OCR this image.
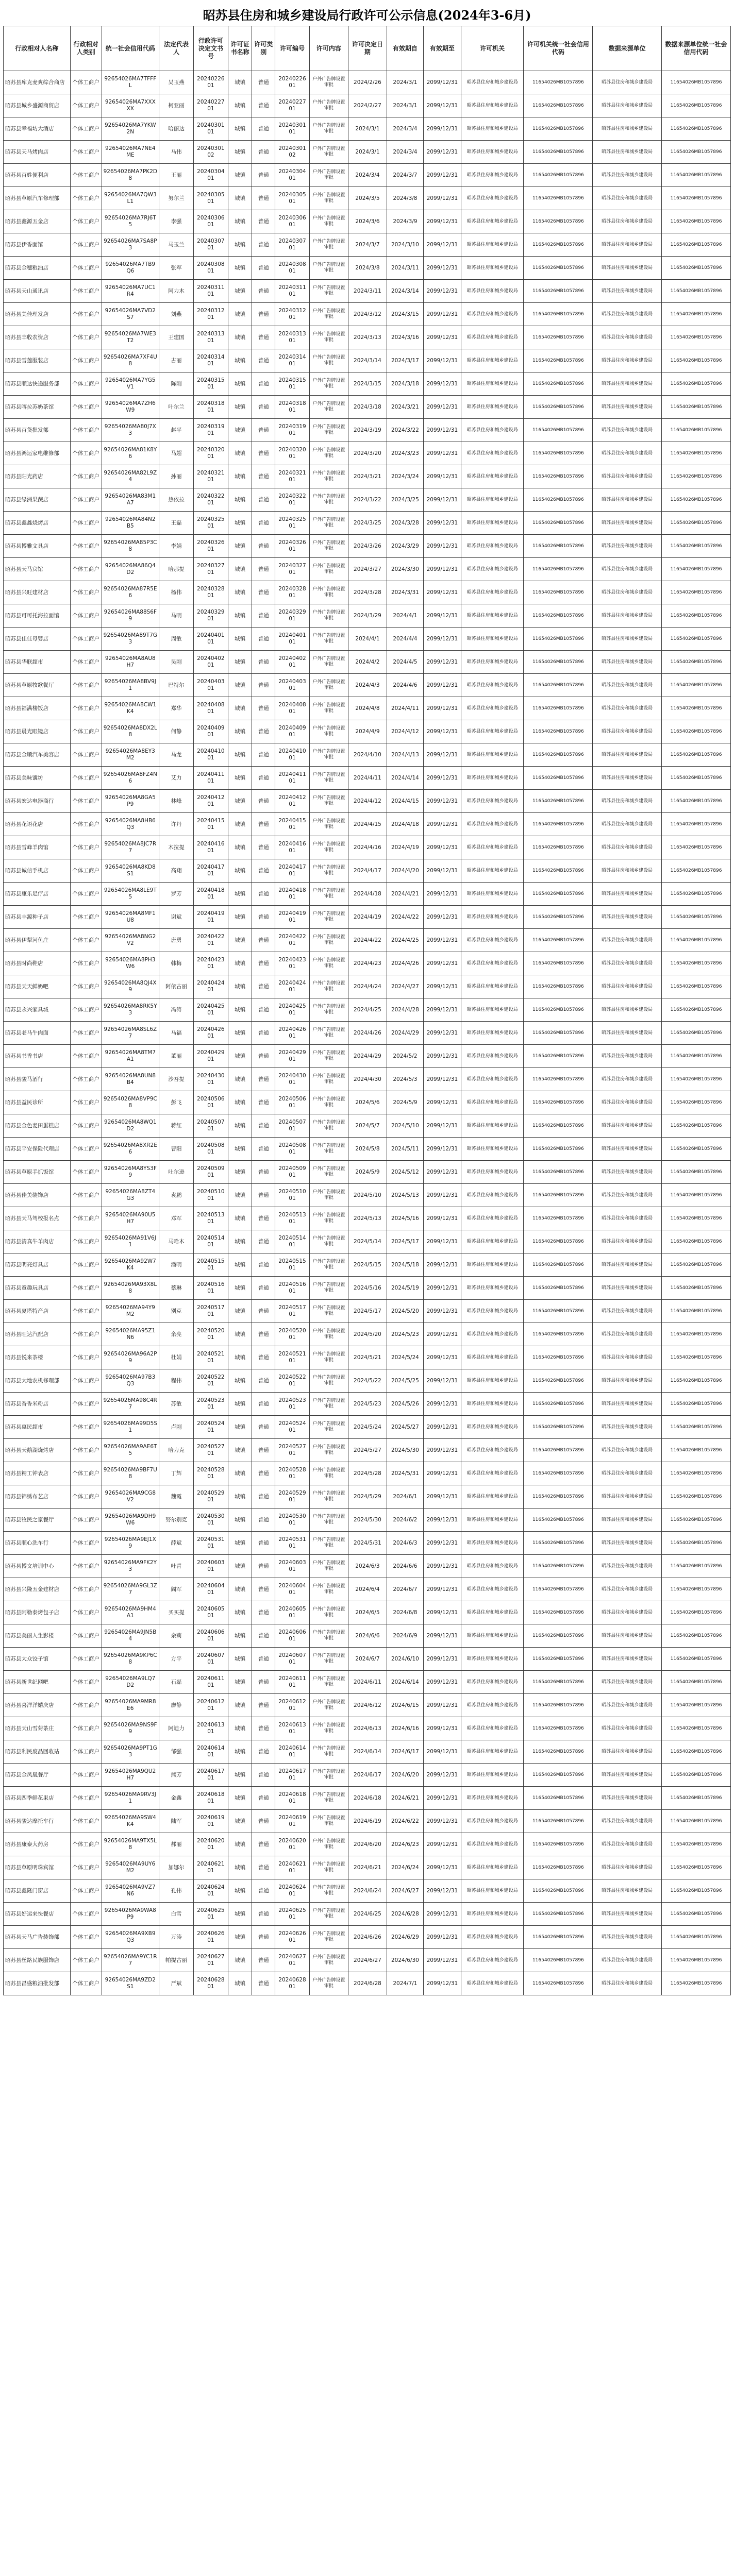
昭苏县住房和城乡建设局行政许可公示信息(2024年3-6月)
行政相对人名称	行政相对人类别	统一社会信用代码	法定代表人	行政许可决定文书号	许可证书名称	许可类别	许可编号	许可内容	许可决定日期	有效期自	有效期至	许可机关	许可机关统一社会信用代码	数据来源单位	数据来源单位统一社会信用代码
昭苏县库克麦爽综合商店	个体工商户	92654026MA7TFFFL	吴玉燕	2024022601	城镇	普通	2024022601	户外广告牌设置审批	2024/2/26	2024/3/1	2099/12/31	昭苏县住房和城乡建设局	11654026MB1057896	昭苏县住房和城乡建设局	11654026MB1057896
昭苏县城乡盛源商贸店	个体工商户	92654026MA7XXXXX	柯亚丽	2024022701	城镇	普通	2024022701	户外广告牌设置审批	2024/2/27	2024/3/1	2099/12/31	昭苏县住房和城乡建设局	11654026MB1057896	昭苏县住房和城乡建设局	11654026MB1057896
昭苏县幸福坊大酒店	个体工商户	92654026MA7YKW2N	哈丽达	2024030101	城镇	普通	2024030101	户外广告牌设置审批	2024/3/1	2024/3/4	2099/12/31	昭苏县住房和城乡建设局	11654026MB1057896	昭苏县住房和城乡建设局	11654026MB1057896
昭苏县天马烤肉店	个体工商户	92654026MA7NE4ME	马伟	2024030102	城镇	普通	2024030102	户外广告牌设置审批	2024/3/1	2024/3/4	2099/12/31	昭苏县住房和城乡建设局	11654026MB1057896	昭苏县住房和城乡建设局	11654026MB1057896
昭苏县百姓便利店	个体工商户	92654026MA7PK2D8	王丽	2024030401	城镇	普通	2024030401	户外广告牌设置审批	2024/3/4	2024/3/7	2099/12/31	昭苏县住房和城乡建设局	11654026MB1057896	昭苏县住房和城乡建设局	11654026MB1057896
昭苏县草原汽车修理部	个体工商户	92654026MA7QW3L1	努尔兰	2024030501	城镇	普通	2024030501	户外广告牌设置审批	2024/3/5	2024/3/8	2099/12/31	昭苏县住房和城乡建设局	11654026MB1057896	昭苏县住房和城乡建设局	11654026MB1057896
昭苏县鑫源五金店	个体工商户	92654026MA7RJ6T5	李强	2024030601	城镇	普通	2024030601	户外广告牌设置审批	2024/3/6	2024/3/9	2099/12/31	昭苏县住房和城乡建设局	11654026MB1057896	昭苏县住房和城乡建设局	11654026MB1057896
昭苏县伊香面馆	个体工商户	92654026MA7SA8P3	马玉兰	2024030701	城镇	普通	2024030701	户外广告牌设置审批	2024/3/7	2024/3/10	2099/12/31	昭苏县住房和城乡建设局	11654026MB1057896	昭苏县住房和城乡建设局	11654026MB1057896
昭苏县金穗粮油店	个体工商户	92654026MA7TB9Q6	张军	2024030801	城镇	普通	2024030801	户外广告牌设置审批	2024/3/8	2024/3/11	2099/12/31	昭苏县住房和城乡建设局	11654026MB1057896	昭苏县住房和城乡建设局	11654026MB1057896
昭苏县天山通讯店	个体工商户	92654026MA7UC1R4	阿力木	2024031101	城镇	普通	2024031101	户外广告牌设置审批	2024/3/11	2024/3/14	2099/12/31	昭苏县住房和城乡建设局	11654026MB1057896	昭苏县住房和城乡建设局	11654026MB1057896
昭苏县美佳理发店	个体工商户	92654026MA7VD2S7	刘燕	2024031201	城镇	普通	2024031201	户外广告牌设置审批	2024/3/12	2024/3/15	2099/12/31	昭苏县住房和城乡建设局	11654026MB1057896	昭苏县住房和城乡建设局	11654026MB1057896
昭苏县丰收农资店	个体工商户	92654026MA7WE3T2	王建国	2024031301	城镇	普通	2024031301	户外广告牌设置审批	2024/3/13	2024/3/16	2099/12/31	昭苏县住房和城乡建设局	11654026MB1057896	昭苏县住房和城乡建设局	11654026MB1057896
昭苏县雪莲服装店	个体工商户	92654026MA7XF4U8	古丽	2024031401	城镇	普通	2024031401	户外广告牌设置审批	2024/3/14	2024/3/17	2099/12/31	昭苏县住房和城乡建设局	11654026MB1057896	昭苏县住房和城乡建设局	11654026MB1057896
昭苏县顺达快递服务部	个体工商户	92654026MA7YG5V1	陈刚	2024031501	城镇	普通	2024031501	户外广告牌设置审批	2024/3/15	2024/3/18	2099/12/31	昭苏县住房和城乡建设局	11654026MB1057896	昭苏县住房和城乡建设局	11654026MB1057896
昭苏县喀拉苏奶茶馆	个体工商户	92654026MA7ZH6W9	叶尔兰	2024031801	城镇	普通	2024031801	户外广告牌设置审批	2024/3/18	2024/3/21	2099/12/31	昭苏县住房和城乡建设局	11654026MB1057896	昭苏县住房和城乡建设局	11654026MB1057896
昭苏县百货批发部	个体工商户	92654026MA80J7X3	赵平	2024031901	城镇	普通	2024031901	户外广告牌设置审批	2024/3/19	2024/3/22	2099/12/31	昭苏县住房和城乡建设局	11654026MB1057896	昭苏县住房和城乡建设局	11654026MB1057896
昭苏县鸿运家电维修部	个体工商户	92654026MA81K8Y6	马超	2024032001	城镇	普通	2024032001	户外广告牌设置审批	2024/3/20	2024/3/23	2099/12/31	昭苏县住房和城乡建设局	11654026MB1057896	昭苏县住房和城乡建设局	11654026MB1057896
昭苏县阳光药店	个体工商户	92654026MA82L9Z4	孙丽	2024032101	城镇	普通	2024032101	户外广告牌设置审批	2024/3/21	2024/3/24	2099/12/31	昭苏县住房和城乡建设局	11654026MB1057896	昭苏县住房和城乡建设局	11654026MB1057896
昭苏县绿洲果蔬店	个体工商户	92654026MA83M1A7	热依拉	2024032201	城镇	普通	2024032201	户外广告牌设置审批	2024/3/22	2024/3/25	2099/12/31	昭苏县住房和城乡建设局	11654026MB1057896	昭苏县住房和城乡建设局	11654026MB1057896
昭苏县鑫鑫烧烤店	个体工商户	92654026MA84N2B5	王磊	2024032501	城镇	普通	2024032501	户外广告牌设置审批	2024/3/25	2024/3/28	2099/12/31	昭苏县住房和城乡建设局	11654026MB1057896	昭苏县住房和城乡建设局	11654026MB1057896
昭苏县博雅文具店	个体工商户	92654026MA85P3C8	李娟	2024032601	城镇	普通	2024032601	户外广告牌设置审批	2024/3/26	2024/3/29	2099/12/31	昭苏县住房和城乡建设局	11654026MB1057896	昭苏县住房和城乡建设局	11654026MB1057896
昭苏县天马宾馆	个体工商户	92654026MA86Q4D2	哈那提	2024032701	城镇	普通	2024032701	户外广告牌设置审批	2024/3/27	2024/3/30	2099/12/31	昭苏县住房和城乡建设局	11654026MB1057896	昭苏县住房和城乡建设局	11654026MB1057896
昭苏县兴旺建材店	个体工商户	92654026MA87R5E6	杨伟	2024032801	城镇	普通	2024032801	户外广告牌设置审批	2024/3/28	2024/3/31	2099/12/31	昭苏县住房和城乡建设局	11654026MB1057896	昭苏县住房和城乡建设局	11654026MB1057896
昭苏县可可托海拉面馆	个体工商户	92654026MA88S6F9	马明	2024032901	城镇	普通	2024032901	户外广告牌设置审批	2024/3/29	2024/4/1	2099/12/31	昭苏县住房和城乡建设局	11654026MB1057896	昭苏县住房和城乡建设局	11654026MB1057896
昭苏县佳佳母婴店	个体工商户	92654026MA89T7G3	周敏	2024040101	城镇	普通	2024040101	户外广告牌设置审批	2024/4/1	2024/4/4	2099/12/31	昭苏县住房和城乡建设局	11654026MB1057896	昭苏县住房和城乡建设局	11654026MB1057896
昭苏县华联超市	个体工商户	92654026MA8AU8H7	吴刚	2024040201	城镇	普通	2024040201	户外广告牌设置审批	2024/4/2	2024/4/5	2099/12/31	昭苏县住房和城乡建设局	11654026MB1057896	昭苏县住房和城乡建设局	11654026MB1057896
昭苏县草原牧歌餐厅	个体工商户	92654026MA8BV9J1	巴特尔	2024040301	城镇	普通	2024040301	户外广告牌设置审批	2024/4/3	2024/4/6	2099/12/31	昭苏县住房和城乡建设局	11654026MB1057896	昭苏县住房和城乡建设局	11654026MB1057896
昭苏县福满楼饭店	个体工商户	92654026MA8CW1K4	郑华	2024040801	城镇	普通	2024040801	户外广告牌设置审批	2024/4/8	2024/4/11	2099/12/31	昭苏县住房和城乡建设局	11654026MB1057896	昭苏县住房和城乡建设局	11654026MB1057896
昭苏县晨光眼镜店	个体工商户	92654026MA8DX2L8	何静	2024040901	城镇	普通	2024040901	户外广告牌设置审批	2024/4/9	2024/4/12	2099/12/31	昭苏县住房和城乡建设局	11654026MB1057896	昭苏县住房和城乡建设局	11654026MB1057896
昭苏县金顺汽车美容店	个体工商户	92654026MA8EY3M2	马龙	2024041001	城镇	普通	2024041001	户外广告牌设置审批	2024/4/10	2024/4/13	2099/12/31	昭苏县住房和城乡建设局	11654026MB1057896	昭苏县住房和城乡建设局	11654026MB1057896
昭苏县美味馕坊	个体工商户	92654026MA8FZ4N6	艾力	2024041101	城镇	普通	2024041101	户外广告牌设置审批	2024/4/11	2024/4/14	2099/12/31	昭苏县住房和城乡建设局	11654026MB1057896	昭苏县住房和城乡建设局	11654026MB1057896
昭苏县宏达电器商行	个体工商户	92654026MA8GA5P9	林峰	2024041201	城镇	普通	2024041201	户外广告牌设置审批	2024/4/12	2024/4/15	2099/12/31	昭苏县住房和城乡建设局	11654026MB1057896	昭苏县住房和城乡建设局	11654026MB1057896
昭苏县花语花店	个体工商户	92654026MA8HB6Q3	许丹	2024041501	城镇	普通	2024041501	户外广告牌设置审批	2024/4/15	2024/4/18	2099/12/31	昭苏县住房和城乡建设局	11654026MB1057896	昭苏县住房和城乡建设局	11654026MB1057896
昭苏县雪峰羊肉馆	个体工商户	92654026MA8JC7R7	木拉提	2024041601	城镇	普通	2024041601	户外广告牌设置审批	2024/4/16	2024/4/19	2099/12/31	昭苏县住房和城乡建设局	11654026MB1057896	昭苏县住房和城乡建设局	11654026MB1057896
昭苏县诚信手机店	个体工商户	92654026MA8KD8S1	高翔	2024041701	城镇	普通	2024041701	户外广告牌设置审批	2024/4/17	2024/4/20	2099/12/31	昭苏县住房和城乡建设局	11654026MB1057896	昭苏县住房和城乡建设局	11654026MB1057896
昭苏县康乐足疗店	个体工商户	92654026MA8LE9T5	罗芳	2024041801	城镇	普通	2024041801	户外广告牌设置审批	2024/4/18	2024/4/21	2099/12/31	昭苏县住房和城乡建设局	11654026MB1057896	昭苏县住房和城乡建设局	11654026MB1057896
昭苏县丰源种子店	个体工商户	92654026MA8MF1U8	谢斌	2024041901	城镇	普通	2024041901	户外广告牌设置审批	2024/4/19	2024/4/22	2099/12/31	昭苏县住房和城乡建设局	11654026MB1057896	昭苏县住房和城乡建设局	11654026MB1057896
昭苏县伊犁河鱼庄	个体工商户	92654026MA8NG2V2	唐勇	2024042201	城镇	普通	2024042201	户外广告牌设置审批	2024/4/22	2024/4/25	2099/12/31	昭苏县住房和城乡建设局	11654026MB1057896	昭苏县住房和城乡建设局	11654026MB1057896
昭苏县时尚鞋店	个体工商户	92654026MA8PH3W6	韩梅	2024042301	城镇	普通	2024042301	户外广告牌设置审批	2024/4/23	2024/4/26	2099/12/31	昭苏县住房和城乡建设局	11654026MB1057896	昭苏县住房和城乡建设局	11654026MB1057896
昭苏县天天鲜奶吧	个体工商户	92654026MA8QJ4X9	阿依古丽	2024042401	城镇	普通	2024042401	户外广告牌设置审批	2024/4/24	2024/4/27	2099/12/31	昭苏县住房和城乡建设局	11654026MB1057896	昭苏县住房和城乡建设局	11654026MB1057896
昭苏县永兴家具城	个体工商户	92654026MA8RK5Y3	冯涛	2024042501	城镇	普通	2024042501	户外广告牌设置审批	2024/4/25	2024/4/28	2099/12/31	昭苏县住房和城乡建设局	11654026MB1057896	昭苏县住房和城乡建设局	11654026MB1057896
昭苏县老马牛肉面	个体工商户	92654026MA8SL6Z7	马福	2024042601	城镇	普通	2024042601	户外广告牌设置审批	2024/4/26	2024/4/29	2099/12/31	昭苏县住房和城乡建设局	11654026MB1057896	昭苏县住房和城乡建设局	11654026MB1057896
昭苏县书香书店	个体工商户	92654026MA8TM7A1	董丽	2024042901	城镇	普通	2024042901	户外广告牌设置审批	2024/4/29	2024/5/2	2099/12/31	昭苏县住房和城乡建设局	11654026MB1057896	昭苏县住房和城乡建设局	11654026MB1057896
昭苏县骏马酒行	个体工商户	92654026MA8UN8B4	沙吾提	2024043001	城镇	普通	2024043001	户外广告牌设置审批	2024/4/30	2024/5/3	2099/12/31	昭苏县住房和城乡建设局	11654026MB1057896	昭苏县住房和城乡建设局	11654026MB1057896
昭苏县益民诊所	个体工商户	92654026MA8VP9C8	彭飞	2024050601	城镇	普通	2024050601	户外广告牌设置审批	2024/5/6	2024/5/9	2099/12/31	昭苏县住房和城乡建设局	11654026MB1057896	昭苏县住房和城乡建设局	11654026MB1057896
昭苏县金色麦田蛋糕店	个体工商户	92654026MA8WQ1D2	蒋红	2024050701	城镇	普通	2024050701	户外广告牌设置审批	2024/5/7	2024/5/10	2099/12/31	昭苏县住房和城乡建设局	11654026MB1057896	昭苏县住房和城乡建设局	11654026MB1057896
昭苏县平安保险代理店	个体工商户	92654026MA8XR2E6	曹阳	2024050801	城镇	普通	2024050801	户外广告牌设置审批	2024/5/8	2024/5/11	2099/12/31	昭苏县住房和城乡建设局	11654026MB1057896	昭苏县住房和城乡建设局	11654026MB1057896
昭苏县草原手抓饭馆	个体工商户	92654026MA8YS3F9	吐尔逊	2024050901	城镇	普通	2024050901	户外广告牌设置审批	2024/5/9	2024/5/12	2099/12/31	昭苏县住房和城乡建设局	11654026MB1057896	昭苏县住房和城乡建设局	11654026MB1057896
昭苏县佳美装饰店	个体工商户	92654026MA8ZT4G3	袁鹏	2024051001	城镇	普通	2024051001	户外广告牌设置审批	2024/5/10	2024/5/13	2099/12/31	昭苏县住房和城乡建设局	11654026MB1057896	昭苏县住房和城乡建设局	11654026MB1057896
昭苏县天马驾校报名点	个体工商户	92654026MA90U5H7	邓军	2024051301	城镇	普通	2024051301	户外广告牌设置审批	2024/5/13	2024/5/16	2099/12/31	昭苏县住房和城乡建设局	11654026MB1057896	昭苏县住房和城乡建设局	11654026MB1057896
昭苏县清真牛羊肉店	个体工商户	92654026MA91V6J1	马哈木	2024051401	城镇	普通	2024051401	户外广告牌设置审批	2024/5/14	2024/5/17	2099/12/31	昭苏县住房和城乡建设局	11654026MB1057896	昭苏县住房和城乡建设局	11654026MB1057896
昭苏县明亮灯具店	个体工商户	92654026MA92W7K4	潘明	2024051501	城镇	普通	2024051501	户外广告牌设置审批	2024/5/15	2024/5/18	2099/12/31	昭苏县住房和城乡建设局	11654026MB1057896	昭苏县住房和城乡建设局	11654026MB1057896
昭苏县童趣玩具店	个体工商户	92654026MA93X8L8	蔡琳	2024051601	城镇	普通	2024051601	户外广告牌设置审批	2024/5/16	2024/5/19	2099/12/31	昭苏县住房和城乡建设局	11654026MB1057896	昭苏县住房和城乡建设局	11654026MB1057896
昭苏县夏塔特产店	个体工商户	92654026MA94Y9M2	别克	2024051701	城镇	普通	2024051701	户外广告牌设置审批	2024/5/17	2024/5/20	2099/12/31	昭苏县住房和城乡建设局	11654026MB1057896	昭苏县住房和城乡建设局	11654026MB1057896
昭苏县旺达汽配店	个体工商户	92654026MA95Z1N6	余亮	2024052001	城镇	普通	2024052001	户外广告牌设置审批	2024/5/20	2024/5/23	2099/12/31	昭苏县住房和城乡建设局	11654026MB1057896	昭苏县住房和城乡建设局	11654026MB1057896
昭苏县悦来茶楼	个体工商户	92654026MA96A2P9	杜娟	2024052101	城镇	普通	2024052101	户外广告牌设置审批	2024/5/21	2024/5/24	2099/12/31	昭苏县住房和城乡建设局	11654026MB1057896	昭苏县住房和城乡建设局	11654026MB1057896
昭苏县大地农机修理部	个体工商户	92654026MA97B3Q3	程伟	2024052201	城镇	普通	2024052201	户外广告牌设置审批	2024/5/22	2024/5/25	2099/12/31	昭苏县住房和城乡建设局	11654026MB1057896	昭苏县住房和城乡建设局	11654026MB1057896
昭苏县香香米粉店	个体工商户	92654026MA98C4R7	苏敏	2024052301	城镇	普通	2024052301	户外广告牌设置审批	2024/5/23	2024/5/26	2099/12/31	昭苏县住房和城乡建设局	11654026MB1057896	昭苏县住房和城乡建设局	11654026MB1057896
昭苏县惠民超市	个体工商户	92654026MA99D5S1	卢刚	2024052401	城镇	普通	2024052401	户外广告牌设置审批	2024/5/24	2024/5/27	2099/12/31	昭苏县住房和城乡建设局	11654026MB1057896	昭苏县住房和城乡建设局	11654026MB1057896
昭苏县天鹅湖烧烤店	个体工商户	92654026MA9AE6T5	哈力克	2024052701	城镇	普通	2024052701	户外广告牌设置审批	2024/5/27	2024/5/30	2099/12/31	昭苏县住房和城乡建设局	11654026MB1057896	昭苏县住房和城乡建设局	11654026MB1057896
昭苏县精工钟表店	个体工商户	92654026MA9BF7U8	丁辉	2024052801	城镇	普通	2024052801	户外广告牌设置审批	2024/5/28	2024/5/31	2099/12/31	昭苏县住房和城乡建设局	11654026MB1057896	昭苏县住房和城乡建设局	11654026MB1057896
昭苏县锦绣布艺店	个体工商户	92654026MA9CG8V2	魏霞	2024052901	城镇	普通	2024052901	户外广告牌设置审批	2024/5/29	2024/6/1	2099/12/31	昭苏县住房和城乡建设局	11654026MB1057896	昭苏县住房和城乡建设局	11654026MB1057896
昭苏县牧民之家餐厅	个体工商户	92654026MA9DH9W6	努尔别克	2024053001	城镇	普通	2024053001	户外广告牌设置审批	2024/5/30	2024/6/2	2099/12/31	昭苏县住房和城乡建设局	11654026MB1057896	昭苏县住房和城乡建设局	11654026MB1057896
昭苏县顺心洗车行	个体工商户	92654026MA9EJ1X9	薛斌	2024053101	城镇	普通	2024053101	户外广告牌设置审批	2024/5/31	2024/6/3	2099/12/31	昭苏县住房和城乡建设局	11654026MB1057896	昭苏县住房和城乡建设局	11654026MB1057896
昭苏县博文培训中心	个体工商户	92654026MA9FK2Y3	叶青	2024060301	城镇	普通	2024060301	户外广告牌设置审批	2024/6/3	2024/6/6	2099/12/31	昭苏县住房和城乡建设局	11654026MB1057896	昭苏县住房和城乡建设局	11654026MB1057896
昭苏县兴隆五金建材店	个体工商户	92654026MA9GL3Z7	阎军	2024060401	城镇	普通	2024060401	户外广告牌设置审批	2024/6/4	2024/6/7	2099/12/31	昭苏县住房和城乡建设局	11654026MB1057896	昭苏县住房和城乡建设局	11654026MB1057896
昭苏县阿勒泰烤包子店	个体工商户	92654026MA9HM4A1	买买提	2024060501	城镇	普通	2024060501	户外广告牌设置审批	2024/6/5	2024/6/8	2099/12/31	昭苏县住房和城乡建设局	11654026MB1057896	昭苏县住房和城乡建设局	11654026MB1057896
昭苏县美丽人生影楼	个体工商户	92654026MA9JN5B4	余莉	2024060601	城镇	普通	2024060601	户外广告牌设置审批	2024/6/6	2024/6/9	2099/12/31	昭苏县住房和城乡建设局	11654026MB1057896	昭苏县住房和城乡建设局	11654026MB1057896
昭苏县大众饺子馆	个体工商户	92654026MA9KP6C8	方平	2024060701	城镇	普通	2024060701	户外广告牌设置审批	2024/6/7	2024/6/10	2099/12/31	昭苏县住房和城乡建设局	11654026MB1057896	昭苏县住房和城乡建设局	11654026MB1057896
昭苏县新世纪网吧	个体工商户	92654026MA9LQ7D2	石磊	2024061101	城镇	普通	2024061101	户外广告牌设置审批	2024/6/11	2024/6/14	2099/12/31	昭苏县住房和城乡建设局	11654026MB1057896	昭苏县住房和城乡建设局	11654026MB1057896
昭苏县喜洋洋婚庆店	个体工商户	92654026MA9MR8E6	廖静	2024061201	城镇	普通	2024061201	户外广告牌设置审批	2024/6/12	2024/6/15	2099/12/31	昭苏县住房和城乡建设局	11654026MB1057896	昭苏县住房和城乡建设局	11654026MB1057896
昭苏县天山雪菊茶庄	个体工商户	92654026MA9NS9F9	阿迪力	2024061301	城镇	普通	2024061301	户外广告牌设置审批	2024/6/13	2024/6/16	2099/12/31	昭苏县住房和城乡建设局	11654026MB1057896	昭苏县住房和城乡建设局	11654026MB1057896
昭苏县利民废品回收站	个体工商户	92654026MA9PT1G3	邹强	2024061401	城镇	普通	2024061401	户外广告牌设置审批	2024/6/14	2024/6/17	2099/12/31	昭苏县住房和城乡建设局	11654026MB1057896	昭苏县住房和城乡建设局	11654026MB1057896
昭苏县金凤凰餐厅	个体工商户	92654026MA9QU2H7	熊芳	2024061701	城镇	普通	2024061701	户外广告牌设置审批	2024/6/17	2024/6/20	2099/12/31	昭苏县住房和城乡建设局	11654026MB1057896	昭苏县住房和城乡建设局	11654026MB1057896
昭苏县四季鲜花果店	个体工商户	92654026MA9RV3J1	金鑫	2024061801	城镇	普通	2024061801	户外广告牌设置审批	2024/6/18	2024/6/21	2099/12/31	昭苏县住房和城乡建设局	11654026MB1057896	昭苏县住房和城乡建设局	11654026MB1057896
昭苏县骏达摩托车行	个体工商户	92654026MA9SW4K4	陆军	2024061901	城镇	普通	2024061901	户外广告牌设置审批	2024/6/19	2024/6/22	2099/12/31	昭苏县住房和城乡建设局	11654026MB1057896	昭苏县住房和城乡建设局	11654026MB1057896
昭苏县康泰大药房	个体工商户	92654026MA9TX5L8	郝丽	2024062001	城镇	普通	2024062001	户外广告牌设置审批	2024/6/20	2024/6/23	2099/12/31	昭苏县住房和城乡建设局	11654026MB1057896	昭苏县住房和城乡建设局	11654026MB1057896
昭苏县草原明珠宾馆	个体工商户	92654026MA9UY6M2	加娜尔	2024062101	城镇	普通	2024062101	户外广告牌设置审批	2024/6/21	2024/6/24	2099/12/31	昭苏县住房和城乡建设局	11654026MB1057896	昭苏县住房和城乡建设局	11654026MB1057896
昭苏县鑫隆门窗店	个体工商户	92654026MA9VZ7N6	孔伟	2024062401	城镇	普通	2024062401	户外广告牌设置审批	2024/6/24	2024/6/27	2099/12/31	昭苏县住房和城乡建设局	11654026MB1057896	昭苏县住房和城乡建设局	11654026MB1057896
昭苏县好运来快餐店	个体工商户	92654026MA9WA8P9	白雪	2024062501	城镇	普通	2024062501	户外广告牌设置审批	2024/6/25	2024/6/28	2099/12/31	昭苏县住房和城乡建设局	11654026MB1057896	昭苏县住房和城乡建设局	11654026MB1057896
昭苏县天马广告装饰部	个体工商户	92654026MA9XB9Q3	万涛	2024062601	城镇	普通	2024062601	户外广告牌设置审批	2024/6/26	2024/6/29	2099/12/31	昭苏县住房和城乡建设局	11654026MB1057896	昭苏县住房和城乡建设局	11654026MB1057896
昭苏县丝路民族服饰店	个体工商户	92654026MA9YC1R7	帕提古丽	2024062701	城镇	普通	2024062701	户外广告牌设置审批	2024/6/27	2024/6/30	2099/12/31	昭苏县住房和城乡建设局	11654026MB1057896	昭苏县住房和城乡建设局	11654026MB1057896
昭苏县昌盛粮油批发部	个体工商户	92654026MA9ZD2S1	严斌	2024062801	城镇	普通	2024062801	户外广告牌设置审批	2024/6/28	2024/7/1	2099/12/31	昭苏县住房和城乡建设局	11654026MB1057896	昭苏县住房和城乡建设局	11654026MB1057896
